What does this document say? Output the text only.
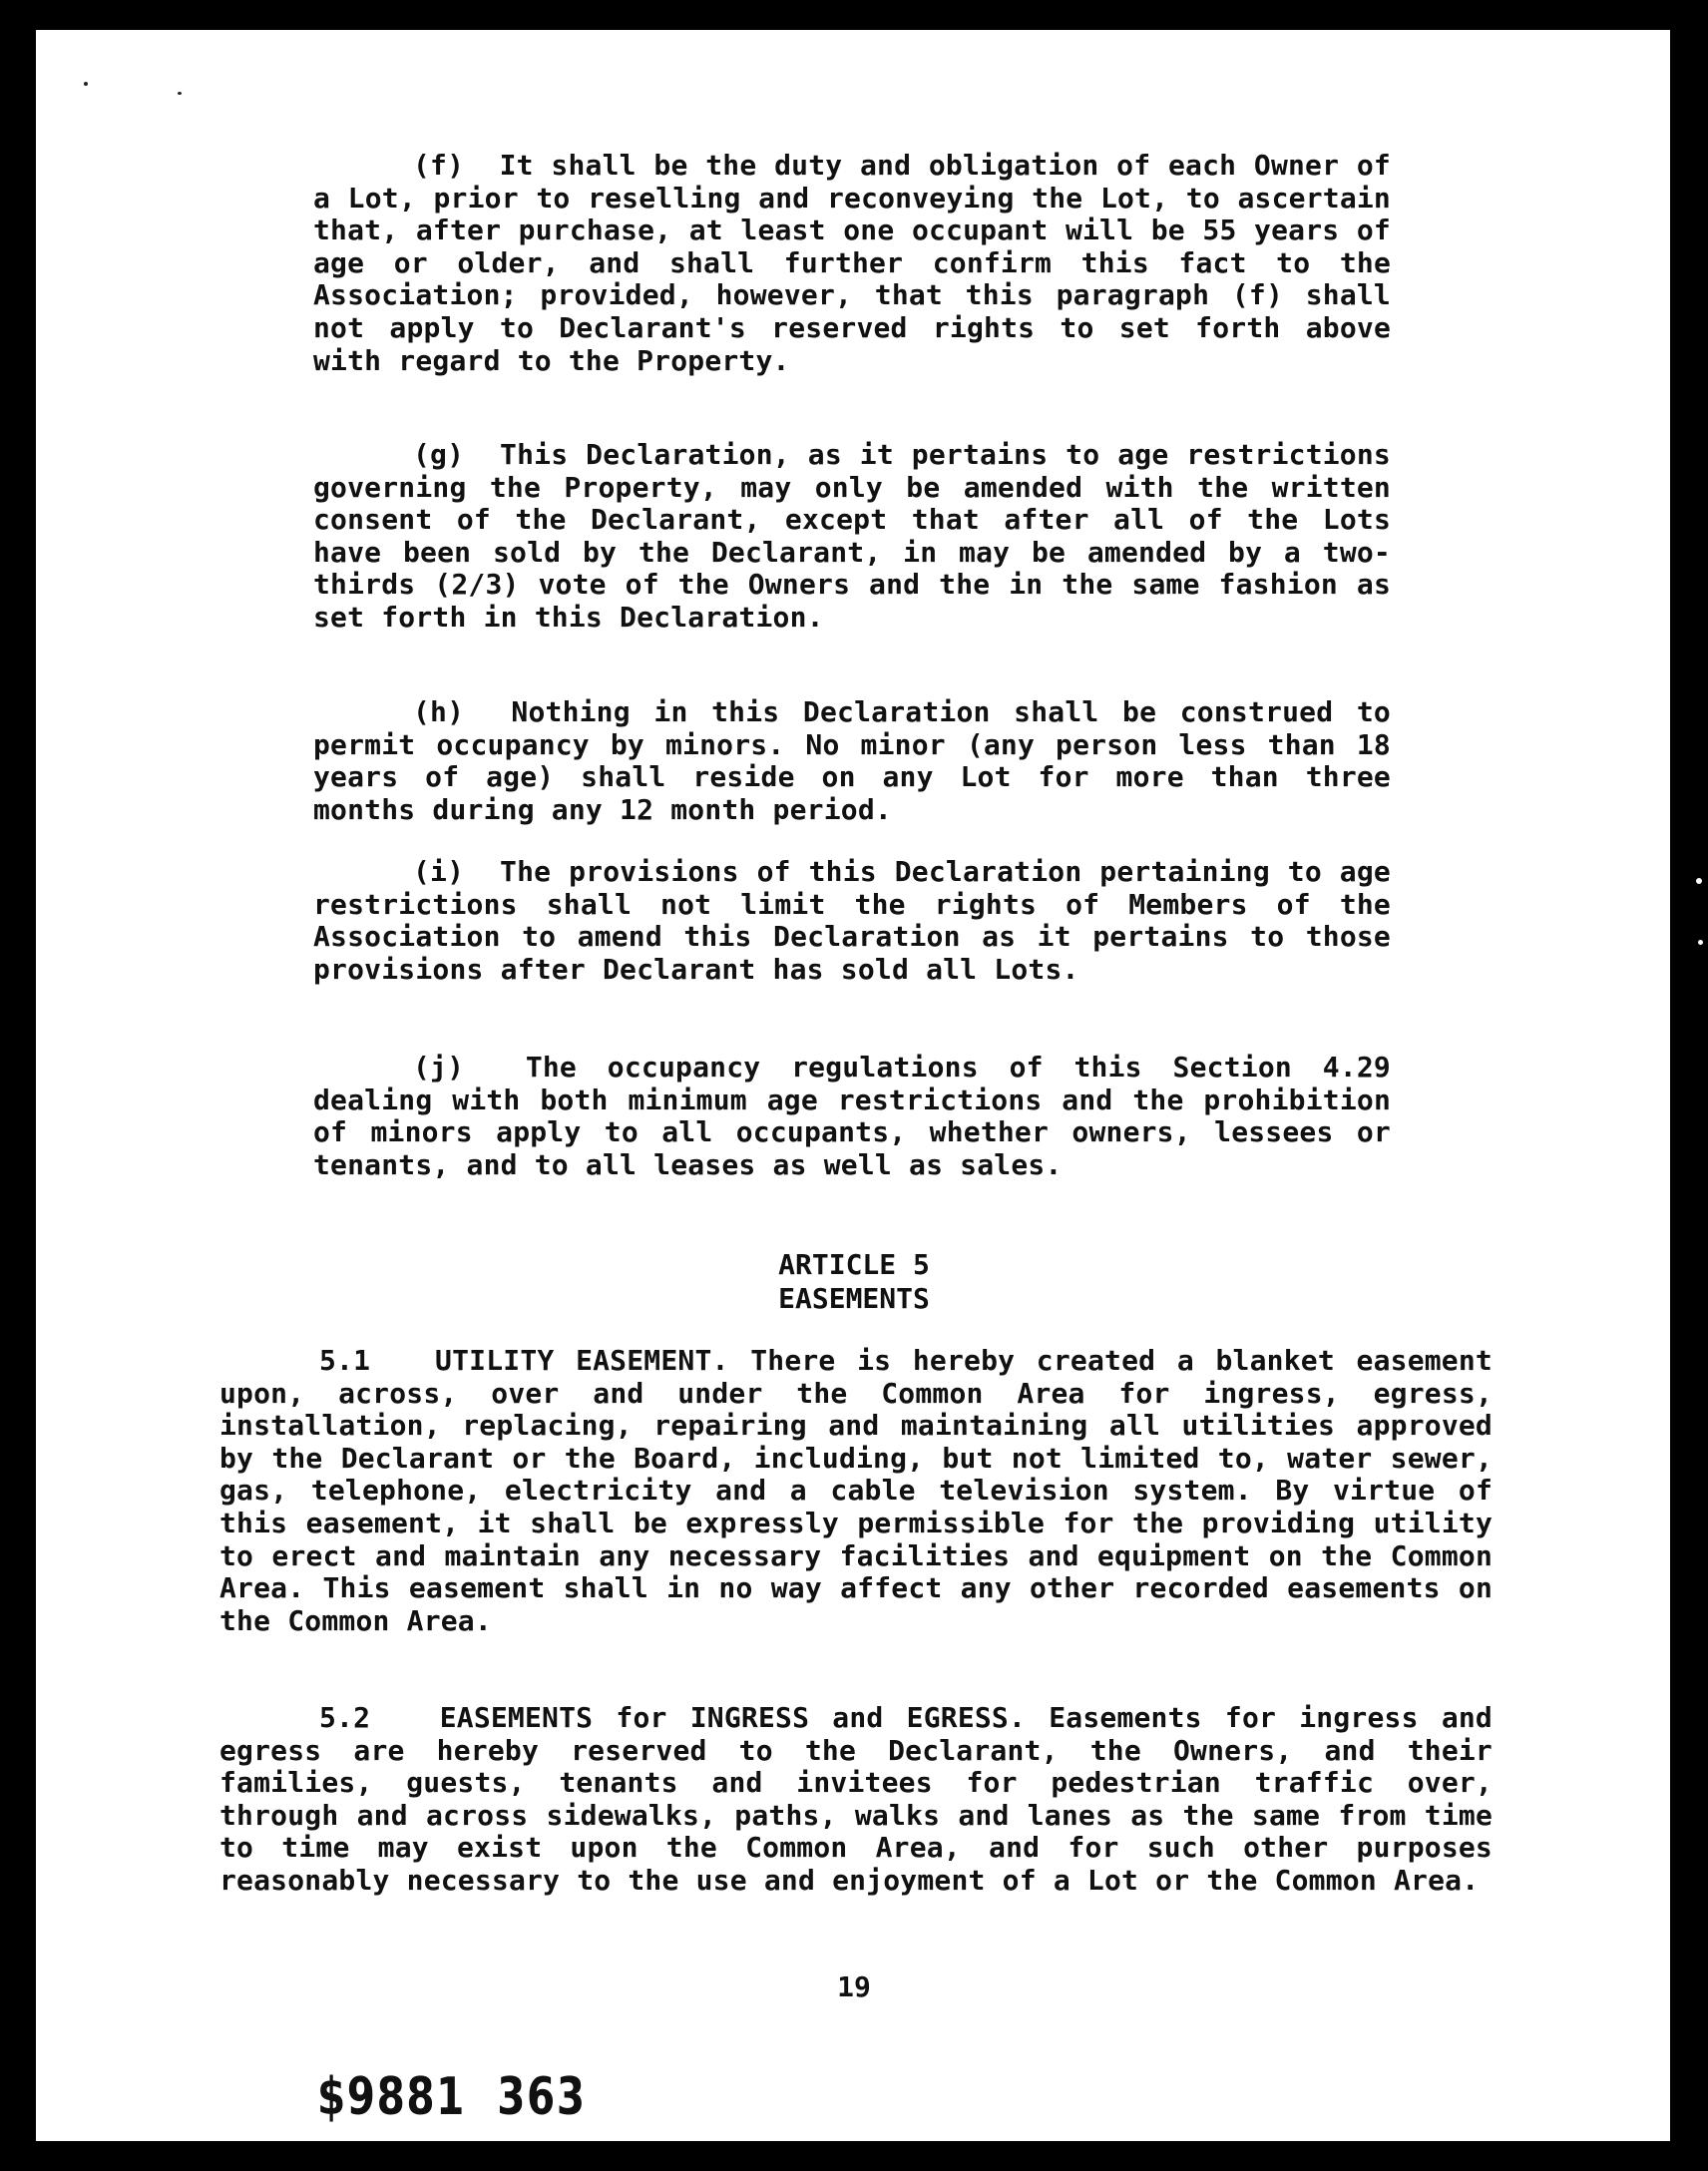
(f) It shall be the duty and obligation of each Owner of a Lot, prior to reselling and reconveying the Lot, to ascertain that, after purchase, at least one occupant will be 55 years of age or older, and shall further confirm this fact to the Association; provided, however, that this paragraph (f) shall not apply to Declarant's reserved rights to set forth above with regard to the Property.
(g) This Declaration, as it pertains to age restrictions governing the Property, may only be amended with the written consent of the Declarant, except that after all of the Lots have been sold by the Declarant, in may be amended by a two-thirds (2/3) vote of the Owners and the in the same fashion as set forth in this Declaration.
(h) Nothing in this Declaration shall be construed to permit occupancy by minors. No minor (any person less than 18 years of age) shall reside on any Lot for more than three months during any 12 month period.
(i) The provisions of this Declaration pertaining to age restrictions shall not limit the rights of Members of the Association to amend this Declaration as it pertains to those provisions after Declarant has sold all Lots.
(j) The occupancy regulations of this Section 4.29 dealing with both minimum age restrictions and the prohibition of minors apply to all occupants, whether owners, lessees or tenants, and to all leases as well as sales.
ARTICLE 5
EASEMENTS
5.1 UTILITY EASEMENT. There is hereby created a blanket easement upon, across, over and under the Common Area for ingress, egress, installation, replacing, repairing and maintaining all utilities approved by the Declarant or the Board, including, but not limited to, water sewer, gas, telephone, electricity and a cable television system. By virtue of this easement, it shall be expressly permissible for the providing utility to erect and maintain any necessary facilities and equipment on the Common Area. This easement shall in no way affect any other recorded easements on the Common Area.
5.2 EASEMENTS for INGRESS and EGRESS. Easements for ingress and egress are hereby reserved to the Declarant, the Owners, and their families, guests, tenants and invitees for pedestrian traffic over, through and across sidewalks, paths, walks and lanes as the same from time to time may exist upon the Common Area, and for such other purposes reasonably necessary to the use and enjoyment of a Lot or the Common Area.
19
$9881  363
